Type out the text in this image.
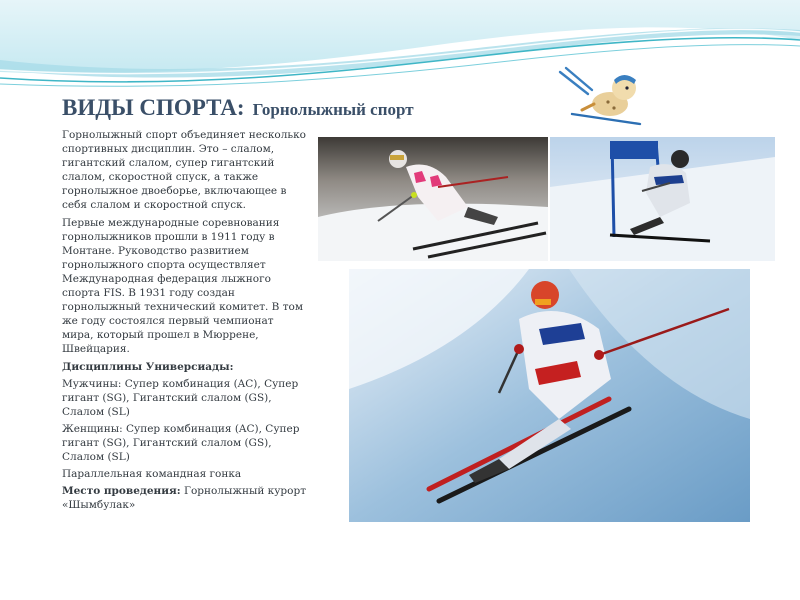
ВИДЫ СПОРТА: Горнолыжный спорт

Горнолыжный спорт объединяет несколько спортивных дисциплин. Это – слалом, гигантский слалом, супер гигантский слалом, скоростной спуск, а также горнолыжное двоеборье, включающее в себя слалом и скоростной спуск.

Первые международные соревнования горнолыжников прошли в 1911 году в Монтане. Руководство развитием горнолыжного спорта осуществляет Международная федерация лыжного спорта FIS. В 1931 году создан горнолыжный технический комитет. В том же году состоялся первый чемпионат мира, который прошел в Мюррене, Швейцария.

Дисциплины Универсиады:

Мужчины: Супер комбинация (AC), Супер гигант (SG), Гигантский слалом (GS), Слалом (SL)

Женщины: Супер комбинация (AC), Супер гигант (SG), Гигантский слалом (GS), Слалом (SL)

Параллельная командная гонка

Место проведения: Горнолыжный курорт «Шымбулак»
